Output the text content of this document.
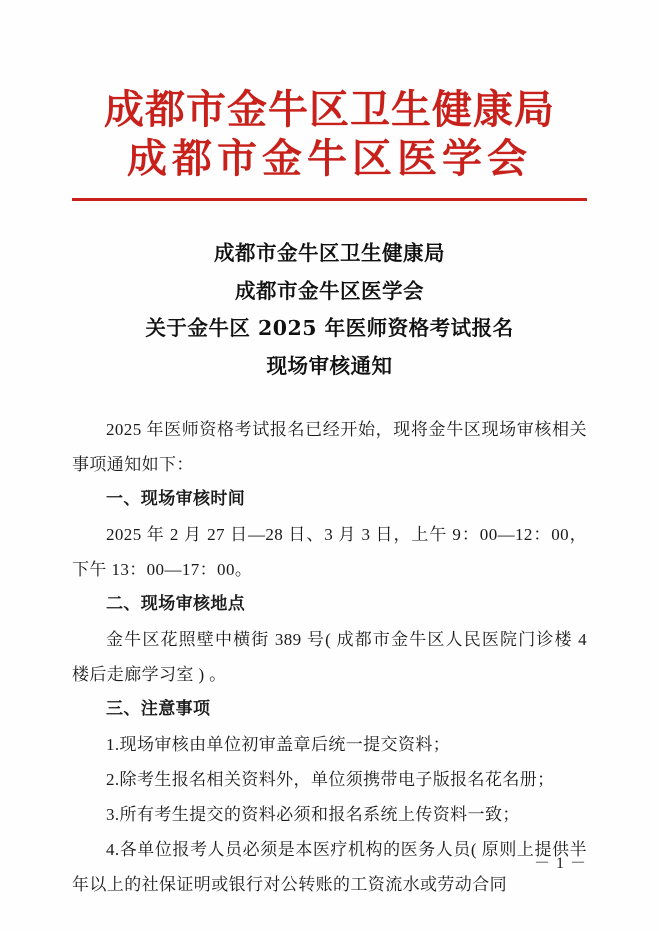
成都市金牛区卫生健康局
成都市金牛区医学会
成都市金牛区卫生健康局
成都市金牛区医学会
关于金牛区 2025 年医师资格考试报名
现场审核通知

2025 年医师资格考试报名已经开始，现将金牛区现场审核相关事项通知如下：

一、现场审核时间

2025 年 2 月 27 日—28 日、3 月 3 日，上午 9：00—12：00，下午 13：00—17：00。

二、现场审核地点

金牛区花照壁中横街 389 号( 成都市金牛区人民医院门诊楼 4 楼后走廊学习室 ) 。

三、注意事项

1.现场审核由单位初审盖章后统一提交资料；

2.除考生报名相关资料外，单位须携带电子版报名花名册；

3.所有考生提交的资料必须和报名系统上传资料一致；

4.各单位报考人员必须是本医疗机构的医务人员( 原则上提供半年以上的社保证明或银行对公转账的工资流水或劳动合同

－ 1 －
